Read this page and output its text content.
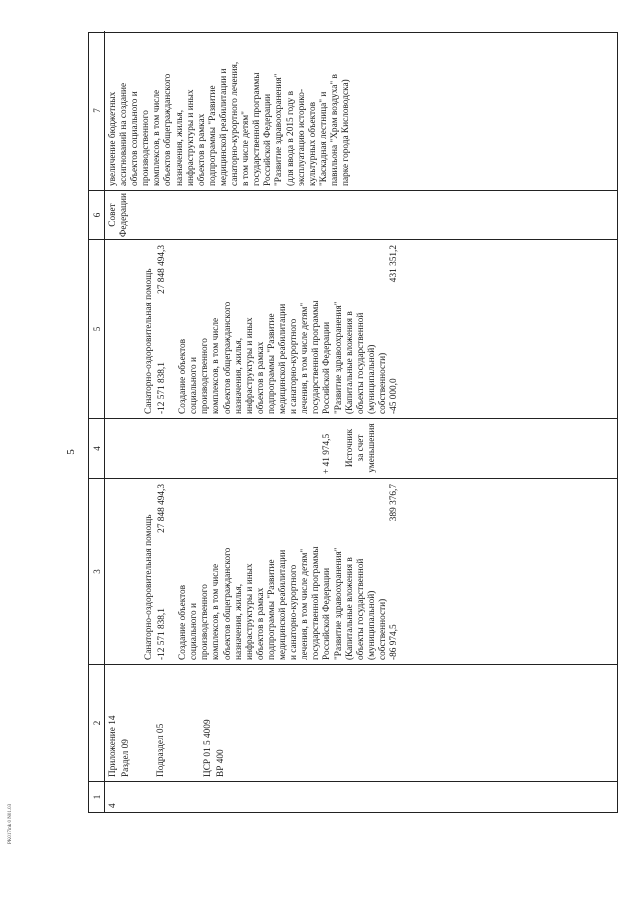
5
PK017ink 0 N01.03
1
2
3
4
5
6
7
4
Приложение 14 Раздел 09	Подраздел 05	ЦСР 01 5 4009 ВР 400
Санаторно-оздоровительная помощь -12 571 838,1
27 848 494,3
Создание объектов социального и производственного комплексов, в том числе объектов общегражданского назначения, жилья, инфраструктуры и иных объектов в рамках подпрограммы "Развитие медицинской реабилитации и санаторно-курортного лечения, в том числе детям" государственной программы Российской Федерации "Развитие здравоохранения" (Капитальные вложения в объекты государственной (муниципальной) собственности) -86 974,5
389 376,7
+ 41 974,5 Источник за счет уменьшения
Санаторно-оздоровительная помощь -12 571 838,1
27 848 494,3
Создание объектов социального и производственного комплексов, в том числе объектов общегражданского назначения, жилья, инфраструктуры и иных объектов в рамках подпрограммы "Развитие медицинской реабилитации и санаторно-курортного лечения, в том числе детям" государственной программы Российской Федерации "Развитие здравоохранения" (Капитальные вложения в объекты государственной (муниципальной) собственности) -45 000,0
431 351,2
Совет Федерации
увеличение бюджетных ассигнований на создание объектов социального и производственного комплексов, в том числе объектов общегражданского назначения, жилья, инфраструктуры и иных объектов в рамках подпрограммы "Развитие медицинской реабилитации и санаторно-курортного лечения, в том числе детям" государственной программы Российской Федерации "Развитие здравоохранения" (для ввода в 2015 году в эксплуатацию историко- культурных объектов "Каскадная лестница" и павильона "Храм воздуха" в парке города Кисловодска)
